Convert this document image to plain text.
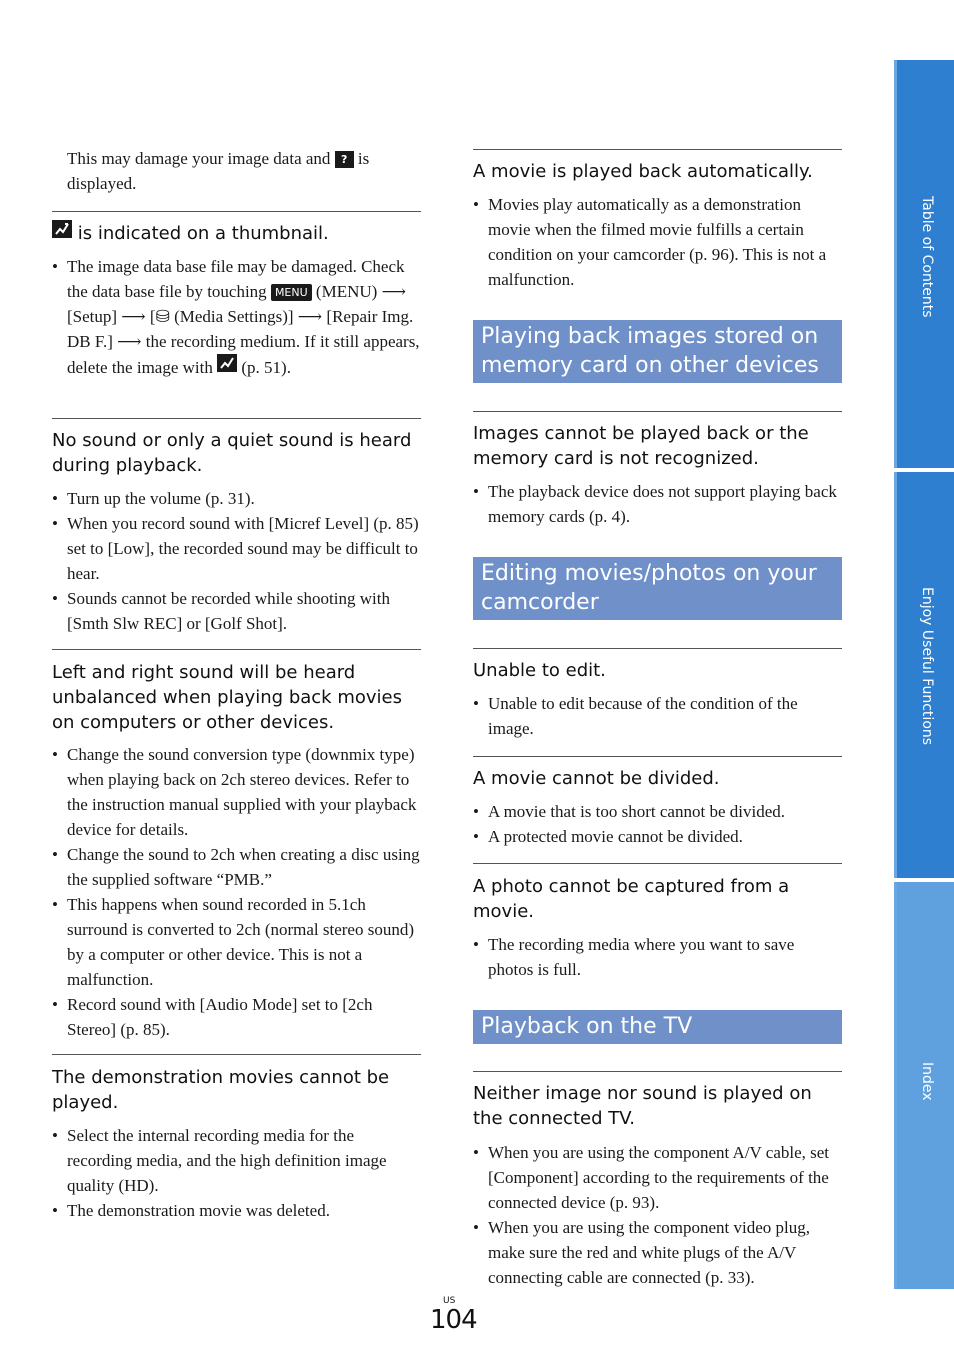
This may damage your image data and ? is displayed.
is indicated on a thumbnail.
• The image data base file may be damaged. Check the data base file by touching MENU (MENU) ⟶ [Setup] ⟶ [⛁ (Media Settings)] ⟶ [Repair Img. DB F.] ⟶ the recording medium. If it still appears, delete the image with
(p. 51).
No sound or only a quiet sound is heard during playback.
• Turn up the volume (p. 31).
• When you record sound with [Micref Level] (p. 85) set to [Low], the recorded sound may be difficult to hear.
• Sounds cannot be recorded while shooting with [Smth Slw REC] or [Golf Shot].
Left and right sound will be heard unbalanced when playing back movies on computers or other devices.
• Change the sound conversion type (downmix type) when playing back on 2ch stereo devices. Refer to the instruction manual supplied with your playback device for details.
• Change the sound to 2ch when creating a disc using the supplied software “PMB.”
• This happens when sound recorded in 5.1ch surround is converted to 2ch (normal stereo sound) by a computer or other device. This is not a malfunction.
• Record sound with [Audio Mode] set to [2ch Stereo] (p. 85).
The demonstration movies cannot be played.
• Select the internal recording media for the recording media, and the high definition image quality (HD).
• The demonstration movie was deleted.
A movie is played back automatically.
• Movies play automatically as a demonstration movie when the filmed movie fulfills a certain condition on your camcorder (p. 96). This is not a malfunction.
Playing back images stored on memory card on other devices
Images cannot be played back or the memory card is not recognized.
• The playback device does not support playing back memory cards (p. 4).
Editing movies/photos on your camcorder
Unable to edit.
• Unable to edit because of the condition of the image.
A movie cannot be divided.
• A movie that is too short cannot be divided.
• A protected movie cannot be divided.
A photo cannot be captured from a movie.
• The recording media where you want to save photos is full.
Playback on the TV
Neither image nor sound is played on the connected TV.
• When you are using the component A/V cable, set [Component] according to the requirements of the connected device (p. 93).
• When you are using the component video plug, make sure the red and white plugs of the A/V connecting cable are connected (p. 33).
Table of Contents
Enjoy Useful Functions
Index
US
104
